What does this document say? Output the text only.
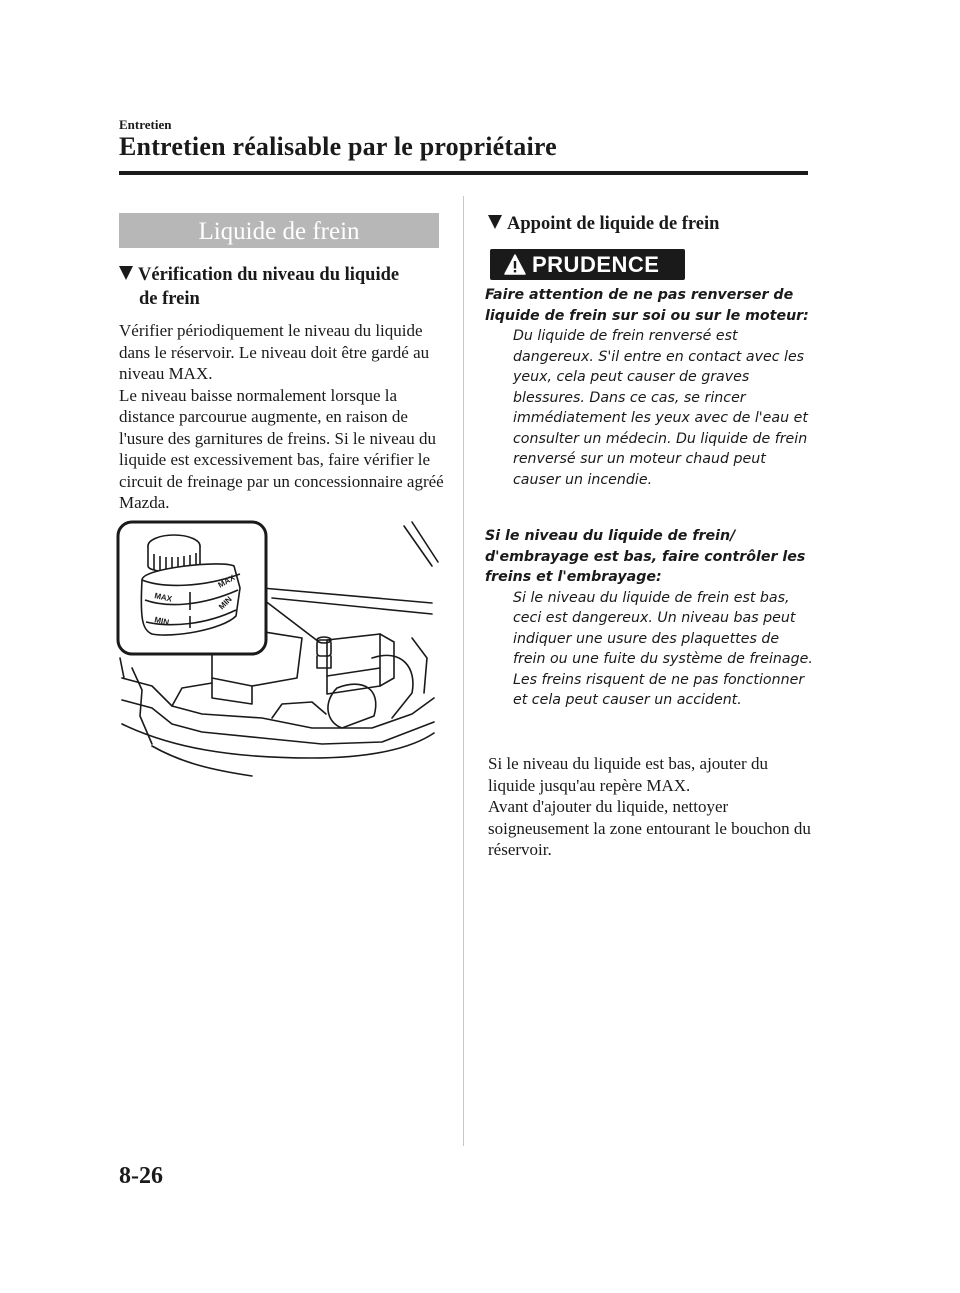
Entretien
Entretien réalisable par le propriétaire
Liquide de frein
Vérification du niveau du liquide
de frein

Vérifier périodiquement le niveau du liquide dans le réservoir. Le niveau doit être gardé au niveau MAX.

Le niveau baisse normalement lorsque la distance parcourue augmente, en raison de l'usure des garnitures de freins. Si le niveau du liquide est excessivement bas, faire vérifier le circuit de freinage par un concessionnaire agréé Mazda.

MAX
MAX
MIN
MIN
Appoint de liquide de frein
PRUDENCE
Faire attention de ne pas renverser de liquide de frein sur soi ou sur le moteur:
Du liquide de frein renversé est dangereux. S'il entre en contact avec les yeux, cela peut causer de graves blessures. Dans ce cas, se rincer immédiatement les yeux avec de l'eau et consulter un médecin. Du liquide de frein renversé sur un moteur chaud peut causer un incendie.
Si le niveau du liquide de frein/ d'embrayage est bas, faire contrôler les freins et l'embrayage:
Si le niveau du liquide de frein est bas, ceci est dangereux. Un niveau bas peut indiquer une usure des plaquettes de frein ou une fuite du système de freinage. Les freins risquent de ne pas fonctionner et cela peut causer un accident.

Si le niveau du liquide est bas, ajouter du liquide jusqu'au repère MAX.

Avant d'ajouter du liquide, nettoyer soigneusement la zone entourant le bouchon du réservoir.

8-26
